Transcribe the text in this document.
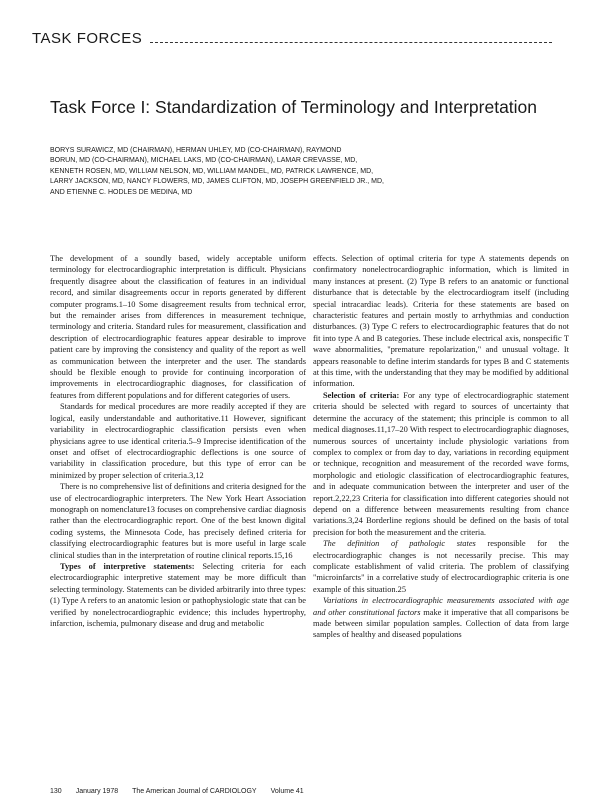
TASK FORCES
Task Force I: Standardization of Terminology and Interpretation
BORYS SURAWICZ, MD (CHAIRMAN), HERMAN UHLEY, MD (CO-CHAIRMAN), RAYMOND
BORUN, MD (CO-CHAIRMAN), MICHAEL LAKS, MD (CO-CHAIRMAN), LAMAR CREVASSE, MD,
KENNETH ROSEN, MD, WILLIAM NELSON, MD, WILLIAM MANDEL, MD, PATRICK LAWRENCE, MD,
LARRY JACKSON, MD, NANCY FLOWERS, MD, JAMES CLIFTON, MD, JOSEPH GREENFIELD JR., MD,
AND ETIENNE C. HODLES DE MEDINA, MD

The development of a soundly based, widely acceptable uniform terminology for electrocardiographic interpretation is difficult. Physicians frequently disagree about the classification of features in an individual record, and similar disagreements occur in reports generated by different computer programs.1–10 Some disagreement results from technical error, but the remainder arises from differences in measurement technique, terminology and criteria. Standard rules for measurement, classification and description of electrocardiographic features appear desirable to improve patient care by improving the consistency and quality of the report as well as communication between the interpreter and the user. The standards should be flexible enough to provide for continuing incorporation of improvements in electrocardiographic diagnoses, for classification of features from different populations and for different categories of users.

Standards for medical procedures are more readily accepted if they are logical, easily understandable and authoritative.11 However, significant variability in electrocardiographic classification persists even when physicians agree to use identical criteria.5–9 Imprecise identification of the onset and offset of electrocardiographic deflections is one source of variability in classification procedure, but this type of error can be minimized by proper selection of criteria.3,12

There is no comprehensive list of definitions and criteria designed for the use of electrocardiographic interpreters. The New York Heart Association monograph on nomenclature13 focuses on comprehensive cardiac diagnosis rather than the electrocardiographic report. One of the best known digital coding systems, the Minnesota Code, has precisely defined criteria for classifying electrocardiographic features but is more useful in large scale clinical studies than in the interpretation of routine clinical reports.15,16

Types of interpretive statements: Selecting criteria for each electrocardiographic interpretive statement may be more difficult than selecting terminology. Statements can be divided arbitrarily into three types: (1) Type A refers to an anatomic lesion or pathophysiologic state that can be verified by nonelectrocardiographic evidence; this includes hypertrophy, infarction, ischemia, pulmonary disease and drug and metabolic

effects. Selection of optimal criteria for type A statements depends on confirmatory nonelectrocardiographic information, which is limited in many instances at present. (2) Type B refers to an anatomic or functional disturbance that is detectable by the electrocardiogram itself (including special intracardiac leads). Criteria for these statements are based on characteristic features and pertain mostly to arrhythmias and conduction disturbances. (3) Type C refers to electrocardiographic features that do not fit into type A and B categories. These include electrical axis, nonspecific T wave abnormalities, "premature repolarization," and unusual voltage. It appears reasonable to define interim standards for types B and C statements at this time, with the understanding that they may be modified by additional information.

Selection of criteria: For any type of electrocardiographic statement criteria should be selected with regard to sources of uncertainty that determine the accuracy of the statement; this principle is common to all medical diagnoses.11,17–20 With respect to electrocardiographic diagnoses, numerous sources of uncertainty include physiologic variations from complex to complex or from day to day, variations in recording equipment or technique, recognition and measurement of the recorded wave forms, morphologic and etiologic classification of electrocardiographic features, and in adequate communication between the interpreter and user of the report.2,22,23 Criteria for classification into different categories should not depend on a difference between measurements resulting from chance variations.3,24 Borderline regions should be defined on the basis of total precision for both the measurement and the criteria.

The definition of pathologic states responsible for the electrocardiographic changes is not necessarily precise. This may complicate establishment of valid criteria. The problem of classifying "microinfarcts" in a correlative study of electrocardiographic criteria is one example of this situation.25

Variations in electrocardiographic measurements associated with age and other constitutional factors make it imperative that all comparisons be made between similar population samples. Collection of data from large samples of healthy and diseased populations

130 January 1978 The American Journal of CARDIOLOGY Volume 41
